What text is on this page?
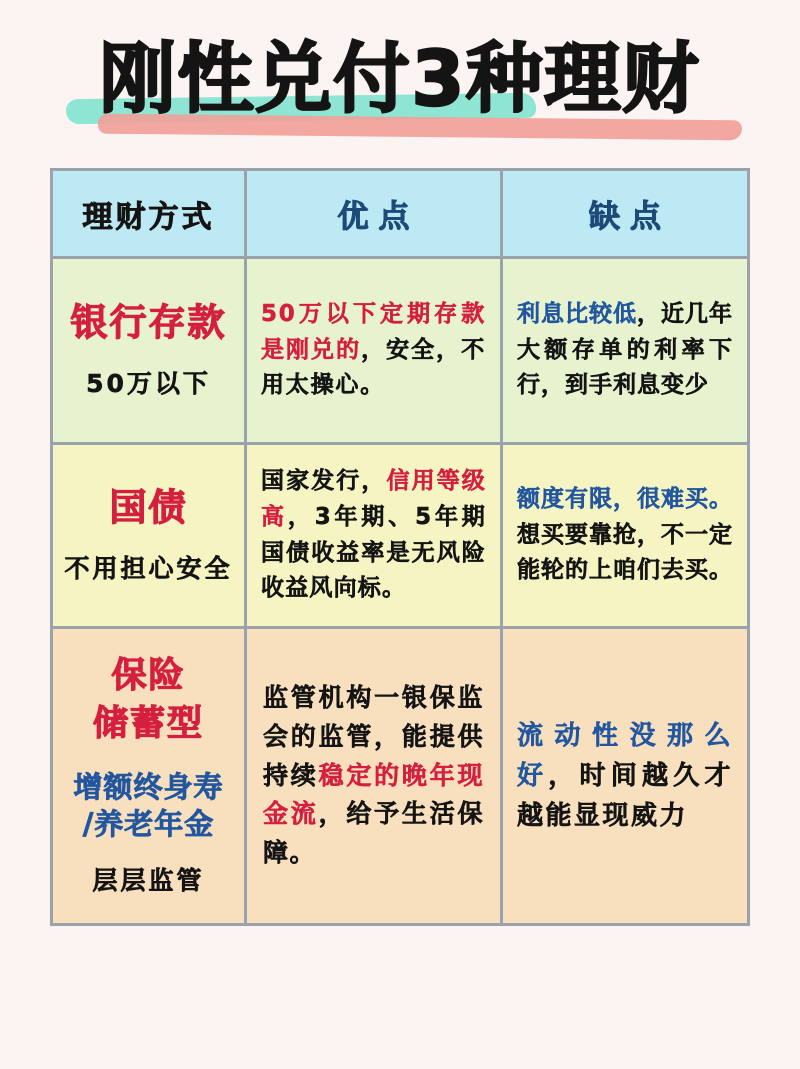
刚性兑付3种理财
理财方式	优点	缺点
银行存款
50万以下

50万以下定期存款是刚兑的，安全，不用太操心。

利息比较低，近几年大额存单的利率下行，到手利息变少

国债
不用担心安全

国家发行，信用等级高，3年期、5年期国债收益率是无风险收益风向标。

额度有限，很难买。想买要靠抢，不一定能轮的上咱们去买。

保险
储蓄型
增额终身寿
/养老年金
层层监管

监管机构一银保监会的监管，能提供持续稳定的晚年现金流，给予生活保障。

流动性没那么好，时间越久才越能显现威力
